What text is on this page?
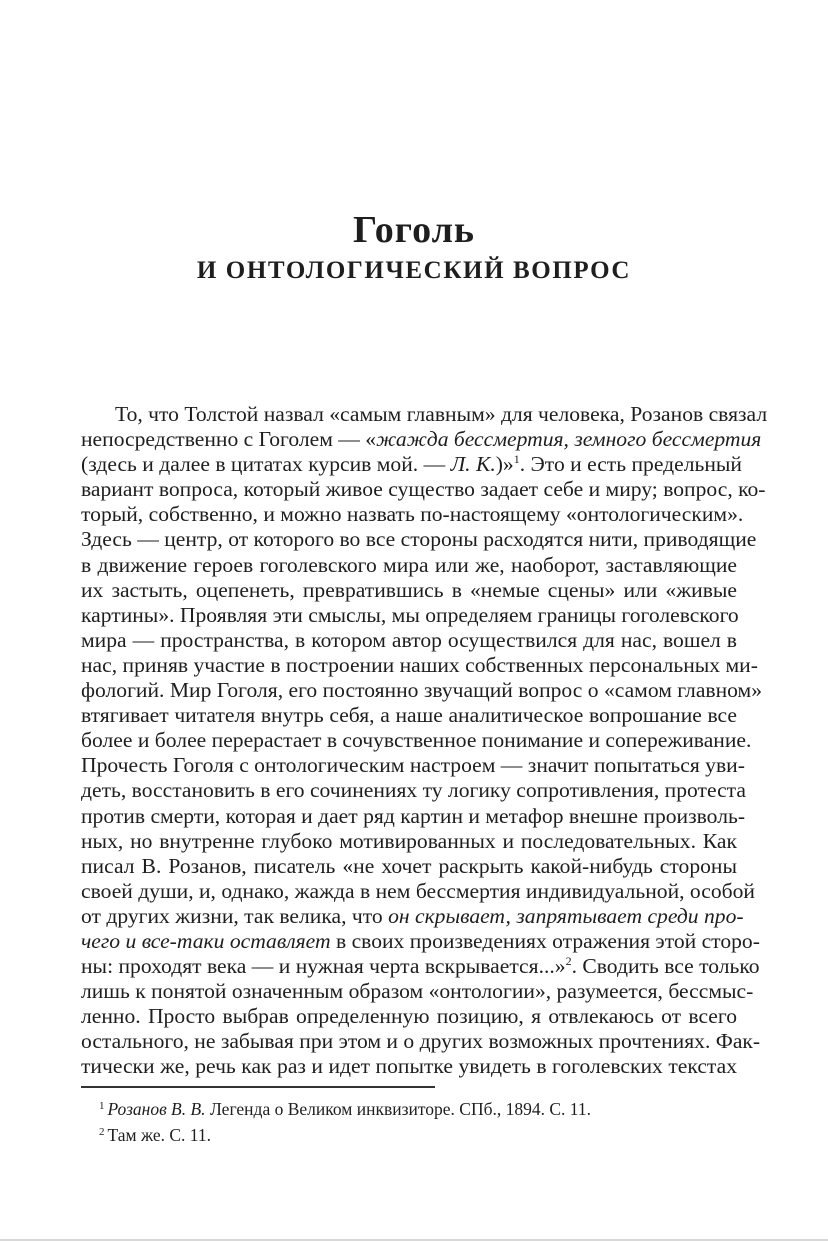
Гоголь
И ОНТОЛОГИЧЕСКИЙ ВОПРОС
То, что Толстой назвал «самым главным» для человека, Розанов связал
непосредственно с Гоголем — «жажда бессмертия, земного бессмертия
(здесь и далее в цитатах курсив мой. — Л. К.)»$^1$. Это и есть предельный
вариант вопроса, который живое существо задает себе и миру; вопрос, ко-
торый, собственно, и можно назвать по-настоящему «онтологическим».
Здесь — центр, от которого во все стороны расходятся нити, приводящие
в движение героев гоголевского мира или же, наоборот, заставляющие
их застыть, оцепенеть, превратившись в «немые сцены» или «живые
картины». Проявляя эти смыслы, мы определяем границы гоголевского
мира — пространства, в котором автор осуществился для нас, вошел в
нас, приняв участие в построении наших собственных персональных ми-
фологий. Мир Гоголя, его постоянно звучащий вопрос о «самом главном»
втягивает читателя внутрь себя, а наше аналитическое вопрошание все
более и более перерастает в сочувственное понимание и сопереживание.
Прочесть Гоголя с онтологическим настроем — значит попытаться уви-
деть, восстановить в его сочинениях ту логику сопротивления, протеста
против смерти, которая и дает ряд картин и метафор внешне произволь-
ных, но внутренне глубоко мотивированных и последовательных. Как
писал В. Розанов, писатель «не хочет раскрыть какой-нибудь стороны
своей души, и, однако, жажда в нем бессмертия индивидуальной, особой
от других жизни, так велика, что он скрывает, запрятывает среди про-
чего и все-таки оставляет в своих произведениях отражения этой сторо-
ны: проходят века — и нужная черта вскрывается...»$^2$. Сводить все только
лишь к понятой означенным образом «онтологии», разумеется, бессмыс-
ленно. Просто выбрав определенную позицию, я отвлекаюсь от всего
остального, не забывая при этом и о других возможных прочтениях. Фак-
тически же, речь как раз и идет попытке увидеть в гоголевских текстах
$^1$ Розанов В. В. Легенда о Великом инквизиторе. СПб., 1894. С. 11.
$^2$ Там же. С. 11.
